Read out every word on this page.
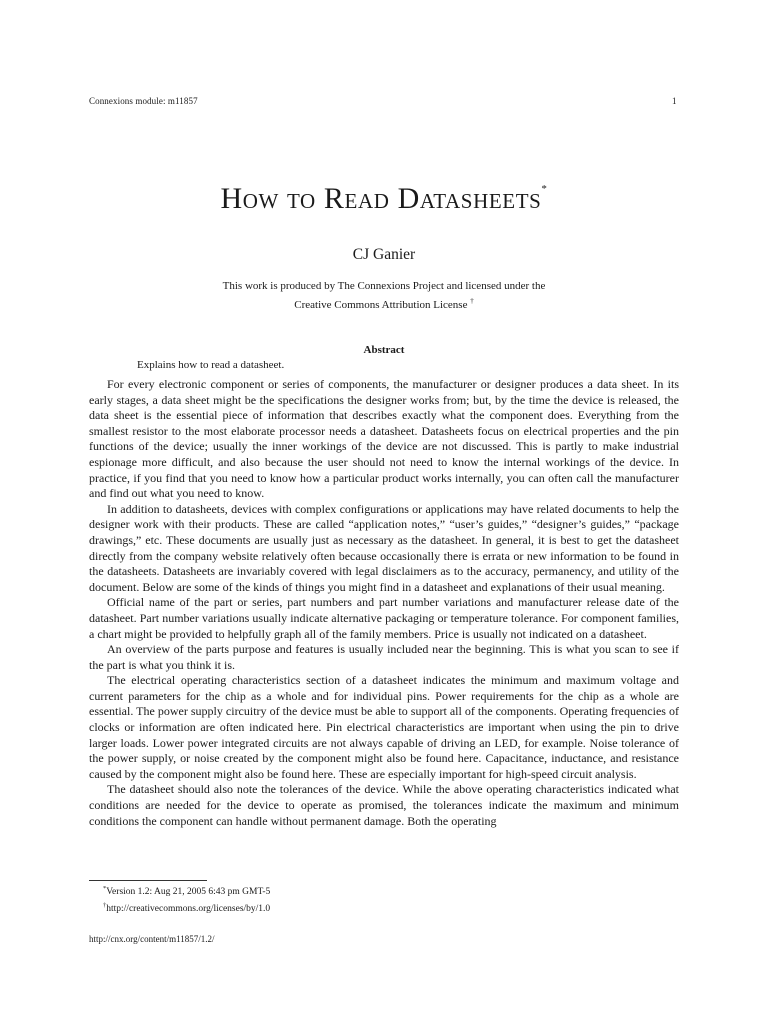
Connexions module: m11857	1
How to Read Datasheets*
CJ Ganier
This work is produced by The Connexions Project and licensed under the
Creative Commons Attribution License †
Abstract
Explains how to read a datasheet.

For every electronic component or series of components, the manufacturer or designer produces a data sheet. In its early stages, a data sheet might be the specifications the designer works from; but, by the time the device is released, the data sheet is the essential piece of information that describes exactly what the component does. Everything from the smallest resistor to the most elaborate processor needs a datasheet. Datasheets focus on electrical properties and the pin functions of the device; usually the inner workings of the device are not discussed. This is partly to make industrial espionage more difficult, and also because the user should not need to know the internal workings of the device. In practice, if you find that you need to know how a particular product works internally, you can often call the manufacturer and find out what you need to know.

In addition to datasheets, devices with complex configurations or applications may have related documents to help the designer work with their products. These are called “application notes,” “user’s guides,” “designer’s guides,” “package drawings,” etc. These documents are usually just as necessary as the datasheet. In general, it is best to get the datasheet directly from the company website relatively often because occasionally there is errata or new information to be found in the datasheets. Datasheets are invariably covered with legal disclaimers as to the accuracy, permanency, and utility of the document. Below are some of the kinds of things you might find in a datasheet and explanations of their usual meaning.

Official name of the part or series, part numbers and part number variations and manufacturer release date of the datasheet. Part number variations usually indicate alternative packaging or temperature tolerance. For component families, a chart might be provided to helpfully graph all of the family members. Price is usually not indicated on a datasheet.

An overview of the parts purpose and features is usually included near the beginning. This is what you scan to see if the part is what you think it is.

The electrical operating characteristics section of a datasheet indicates the minimum and maximum voltage and current parameters for the chip as a whole and for individual pins. Power requirements for the chip as a whole are essential. The power supply circuitry of the device must be able to support all of the components. Operating frequencies of clocks or information are often indicated here. Pin electrical characteristics are important when using the pin to drive larger loads. Lower power integrated circuits are not always capable of driving an LED, for example. Noise tolerance of the power supply, or noise created by the component might also be found here. Capacitance, inductance, and resistance caused by the component might also be found here. These are especially important for high-speed circuit analysis.

The datasheet should also note the tolerances of the device. While the above operating characteristics indicated what conditions are needed for the device to operate as promised, the tolerances indicate the maximum and minimum conditions the component can handle without permanent damage. Both the operating

*Version 1.2: Aug 21, 2005 6:43 pm GMT-5
†http://creativecommons.org/licenses/by/1.0
http://cnx.org/content/m11857/1.2/
